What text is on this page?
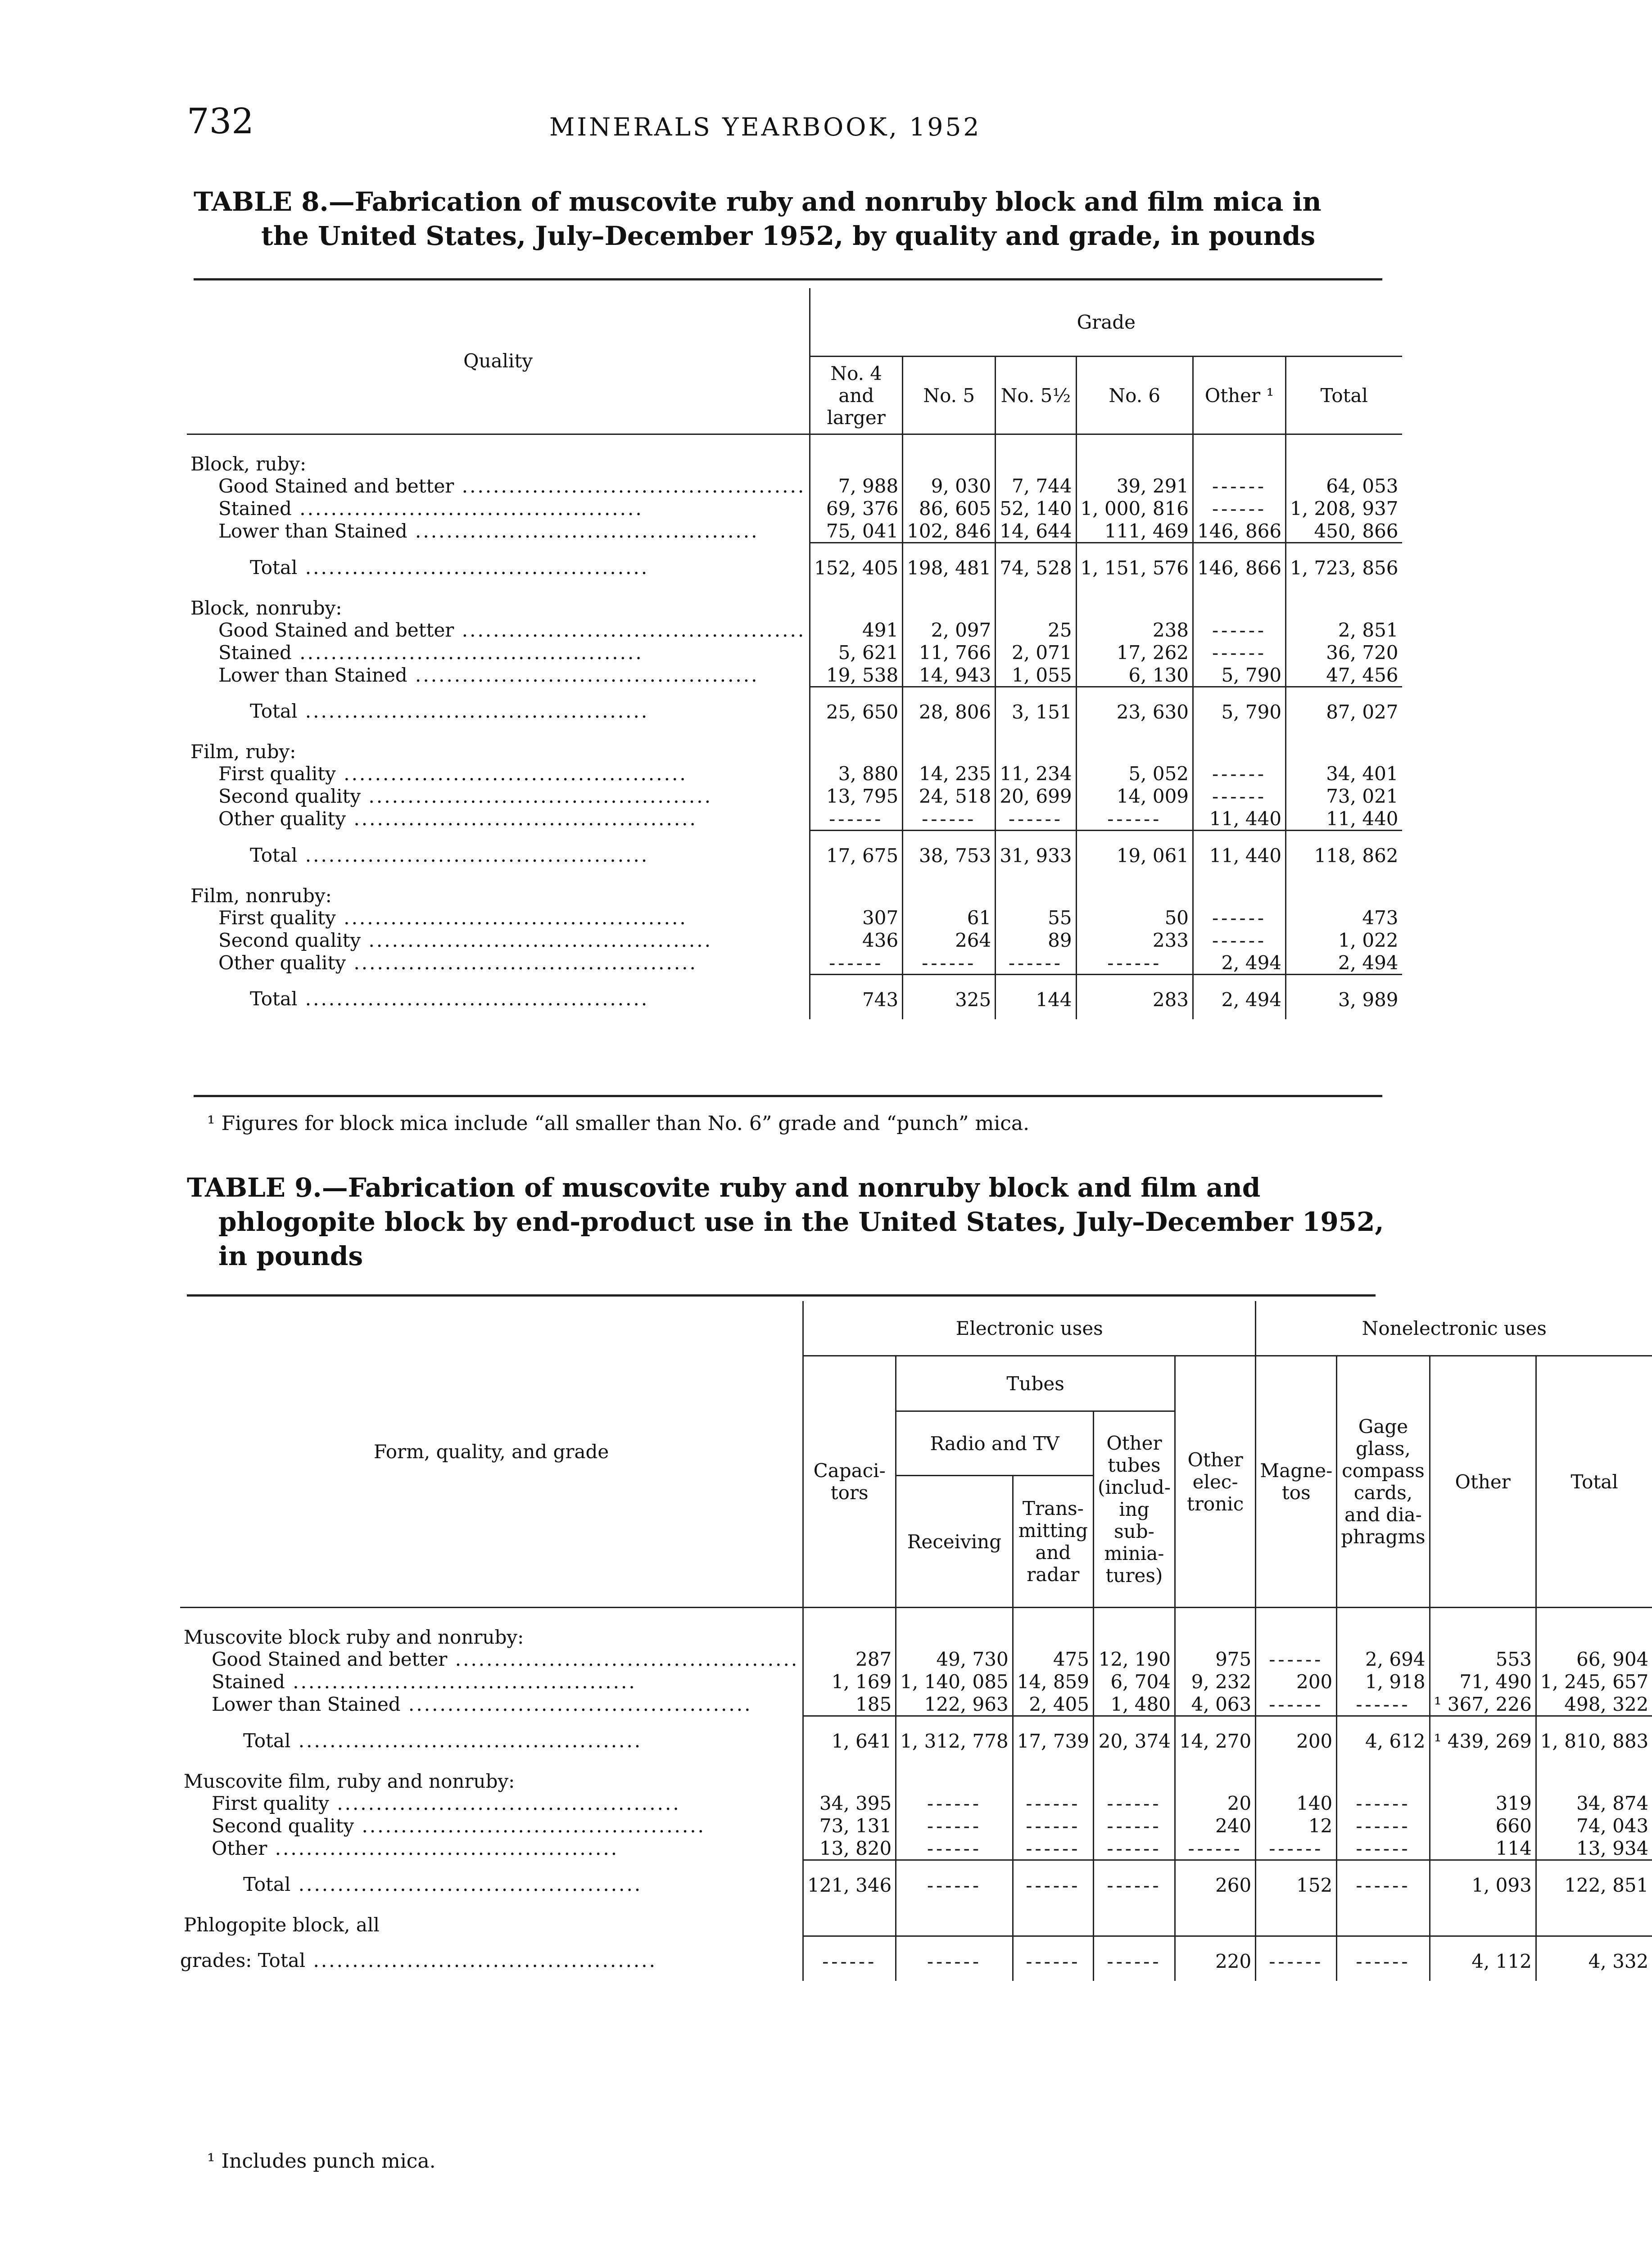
732	MINERALS YEARBOOK, 1952
TABLE 8.—Fabrication of muscovite ruby and nonruby block and film mica in
the United States, July–December 1952, by quality and grade, in pounds
Quality	Grade					
	No. 4 and larger	No. 5	No. 5½	No. 6	Other ¹	Total
Block, ruby:						
Good Stained and better .....	7, 988	9, 030	7, 744	39, 291	------	64, 053
Stained .....	69, 376	86, 605	52, 140	1, 000, 816	------	1, 208, 937
Lower than Stained .....	75, 041	102, 846	14, 644	111, 469	146, 866	450, 866
Total .....	152, 405	198, 481	74, 528	1, 151, 576	146, 866	1, 723, 856
Block, nonruby:						
Good Stained and better .....	491	2, 097	25	238	------	2, 851
Stained .....	5, 621	11, 766	2, 071	17, 262	------	36, 720
Lower than Stained .....	19, 538	14, 943	1, 055	6, 130	5, 790	47, 456
Total .....	25, 650	28, 806	3, 151	23, 630	5, 790	87, 027
Film, ruby:						
First quality .....	3, 880	14, 235	11, 234	5, 052	------	34, 401
Second quality .....	13, 795	24, 518	20, 699	14, 009	------	73, 021
Other quality .....	------	------	------	------	11, 440	11, 440
Total .....	17, 675	38, 753	31, 933	19, 061	11, 440	118, 862
Film, nonruby:						
First quality .....	307	61	55	50	------	473
Second quality .....	436	264	89	233	------	1, 022
Other quality .....	------	------	------	------	2, 494	2, 494
Total .....	743	325	144	283	2, 494	3, 989
¹ Figures for block mica include “all smaller than No. 6” grade and “punch” mica.
TABLE 9.—Fabrication of muscovite ruby and nonruby block and film and
phlogopite block by end-product use in the United States, July–December 1952,
in pounds
Form, quality, and grade	Electronic uses					Nonelectronic uses			
	Capaci-tors	Tubes			Other elec-tronic	Magne-tos	Gage glass, compass cards, and dia-phragms	Other	Total
		Radio and TV		Other tubes (includ-ing sub-minia-tures)					
		Receiving	Trans-mitting and radar						
Muscovite block ruby and nonruby:									
Good Stained and better .....	287	49, 730	475	12, 190	975	------	2, 694	553	66, 904
Stained .....	1, 169	1, 140, 085	14, 859	6, 704	9, 232	200	1, 918	71, 490	1, 245, 657
Lower than Stained .....	185	122, 963	2, 405	1, 480	4, 063	------	------	¹ 367, 226	498, 322
Total .....	1, 641	1, 312, 778	17, 739	20, 374	14, 270	200	4, 612	¹ 439, 269	1, 810, 883
Muscovite film, ruby and nonruby:									
First quality .....	34, 395	------	------	------	20	140	------	319	34, 874
Second quality .....	73, 131	------	------	------	240	12	------	660	74, 043
Other .....	13, 820	------	------	------	------	------	------	114	13, 934
Total .....	121, 346	------	------	------	260	152	------	1, 093	122, 851
Phlogopite block, all									
grades: Total .....	------	------	------	------	220	------	------	4, 112	4, 332
¹ Includes punch mica.
